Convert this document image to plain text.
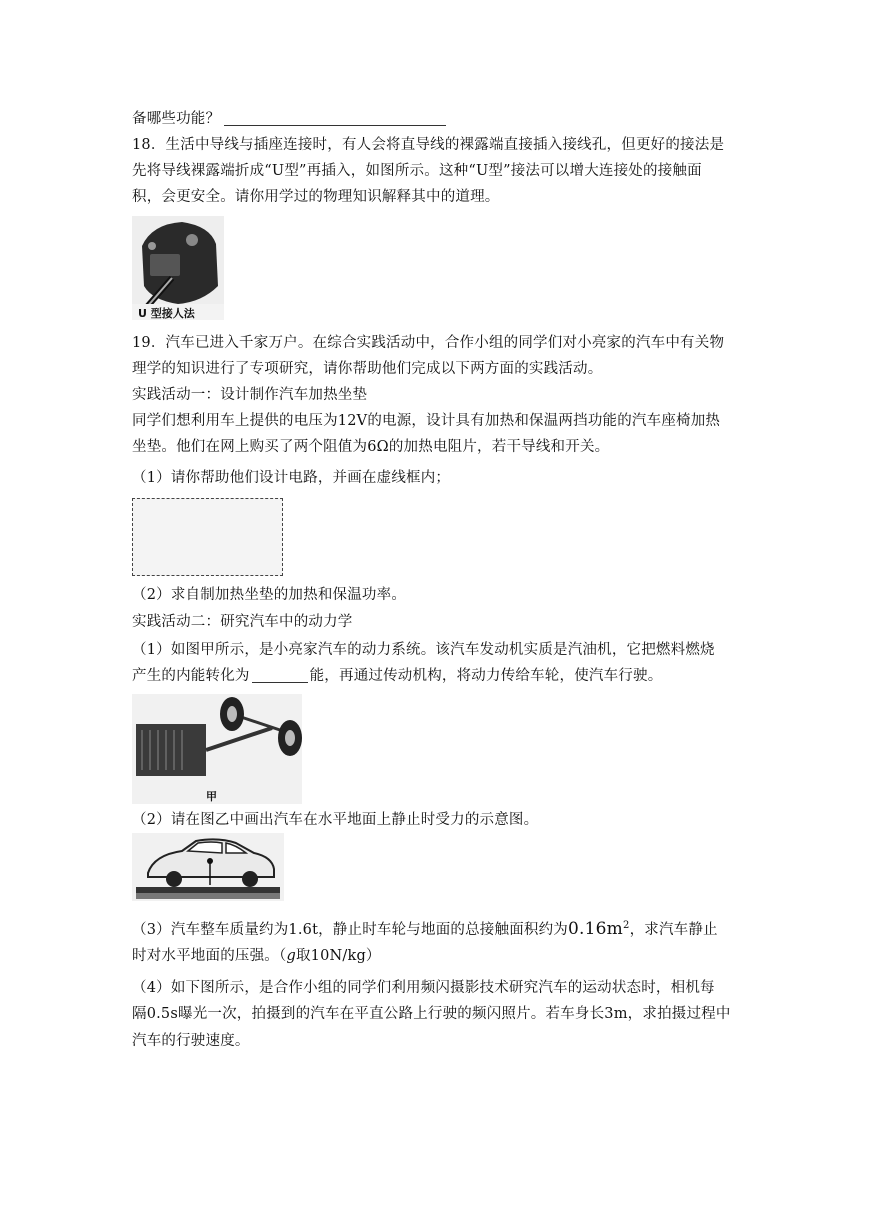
备哪些功能？
18．生活中导线与插座连接时，有人会将直导线的裸露端直接插入接线孔，但更好的接法是
先将导线裸露端折成“U型”再插入，如图所示。这种“U型”接法可以增大连接处的接触面
积，会更安全。请你用学过的物理知识解释其中的道理。
U 型接人法
19．汽车已进入千家万户。在综合实践活动中，合作小组的同学们对小亮家的汽车中有关物
理学的知识进行了专项研究，请你帮助他们完成以下两方面的实践活动。
实践活动一：设计制作汽车加热坐垫
同学们想利用车上提供的电压为12V的电源，设计具有加热和保温两挡功能的汽车座椅加热
坐垫。他们在网上购买了两个阻值为6Ω的加热电阻片，若干导线和开关。
（1）请你帮助他们设计电路，并画在虚线框内；
（2）求自制加热坐垫的加热和保温功率。
实践活动二：研究汽车中的动力学
（1）如图甲所示，是小亮家汽车的动力系统。该汽车发动机实质是汽油机，它把燃料燃烧
产生的内能转化为	能，再通过传动机构，将动力传给车轮，使汽车行驶。
甲
（2）请在图乙中画出汽车在水平地面上静止时受力的示意图。
（3）汽车整车质量约为1.6t，静止时车轮与地面的总接触面积约为$0.16m^2$，求汽车静止
时对水平地面的压强。（g取10N/kg）
（4）如下图所示，是合作小组的同学们利用频闪摄影技术研究汽车的运动状态时，相机每
隔0.5s曝光一次，拍摄到的汽车在平直公路上行驶的频闪照片。若车身长3m，求拍摄过程中
汽车的行驶速度。
